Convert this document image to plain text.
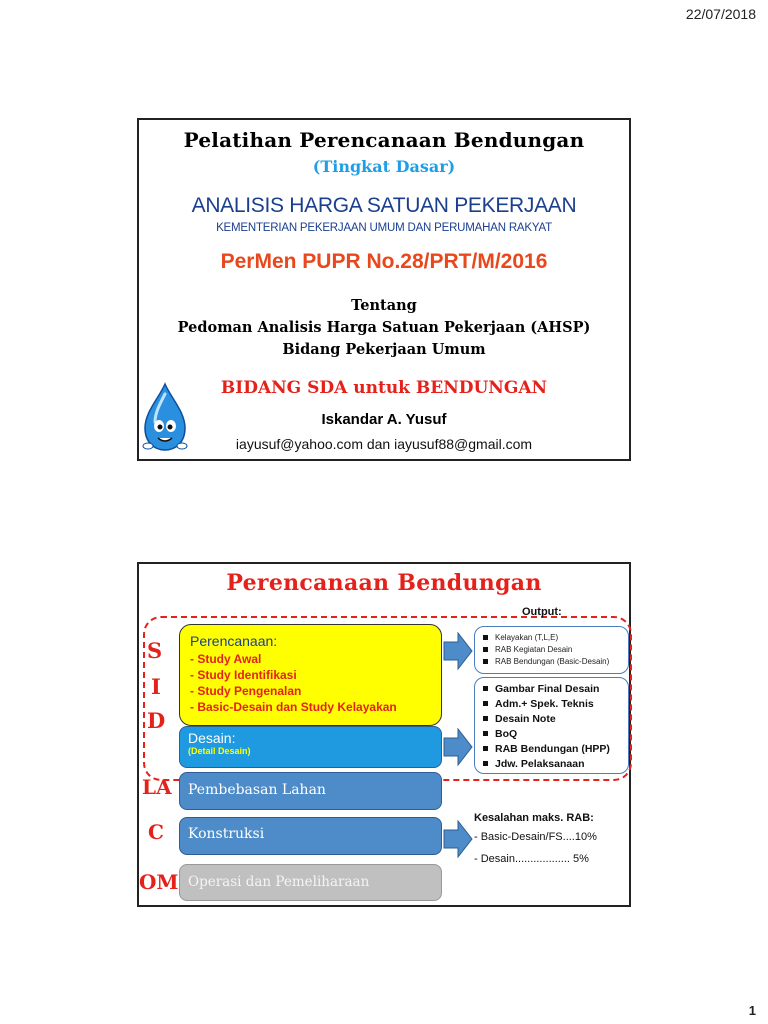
22/07/2018
Pelatihan Perencanaan Bendungan
(Tingkat Dasar)
ANALISIS HARGA SATUAN PEKERJAAN
KEMENTERIAN PEKERJAAN UMUM DAN PERUMAHAN RAKYAT
PerMen PUPR No.28/PRT/M/2016
Tentang
Pedoman Analisis Harga Satuan Pekerjaan (AHSP)
Bidang Pekerjaan Umum
BIDANG SDA untuk BENDUNGAN
Iskandar A. Yusuf
iayusuf@yahoo.com dan iayusuf88@gmail.com
Perencanaan Bendungan
Output:
S
I
D
LA
C
OM
Perencanaan:
- Study Awal
- Study Identifikasi
- Study Pengenalan
- Basic-Desain dan Study Kelayakan
Desain:
(Detail Desain)
Pembebasan Lahan
Konstruksi
Operasi dan Pemeliharaan
Kelayakan (T,L,E)
RAB Kegiatan Desain
RAB Bendungan (Basic-Desain)
Gambar Final Desain
Adm.+ Spek. Teknis
Desain Note
BoQ
RAB Bendungan (HPP)
Jdw. Pelaksanaan
Kesalahan maks. RAB:
- Basic-Desain/FS....10%
- Desain.................. 5%
1
